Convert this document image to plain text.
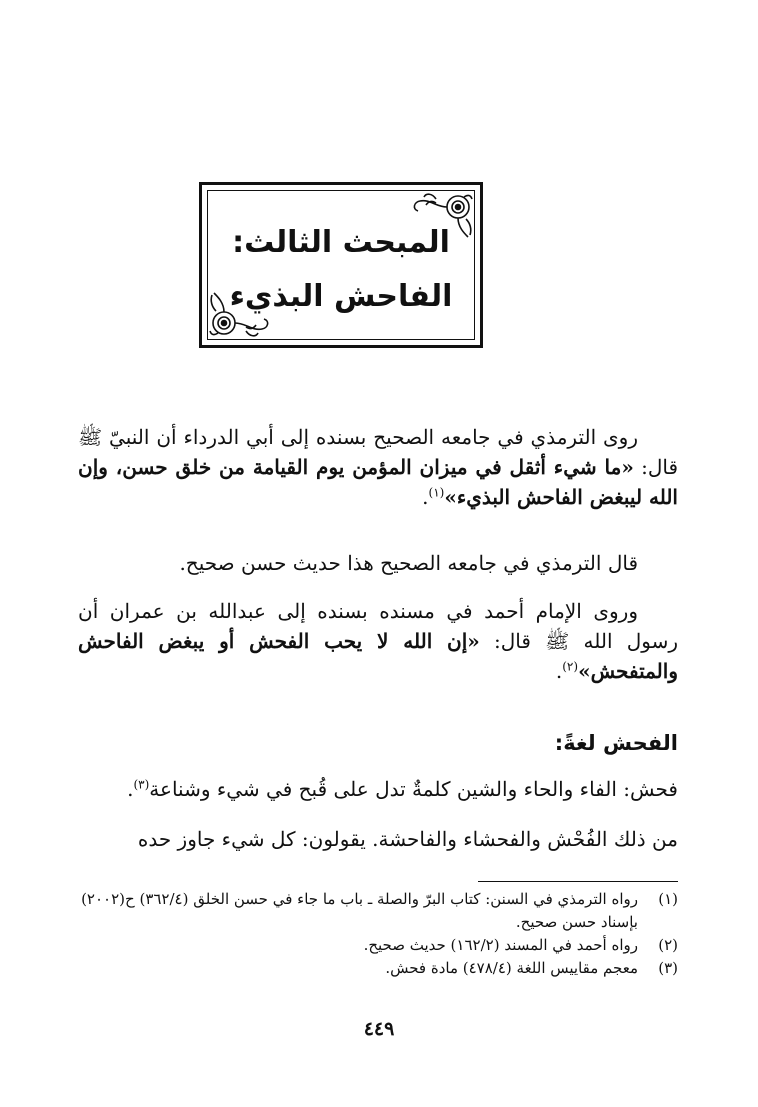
المبحث الثالث:
الفاحش البذيء

روى الترمذي في جامعه الصحيح بسنده إلى أبي الدرداء أن النبيّ ﷺ قال: «ما شيء أثقل في ميزان المؤمن يوم القيامة من خلق حسن، وإن الله ليبغض الفاحش البذيء»$^{(١)}$.

قال الترمذي في جامعه الصحيح هذا حديث حسن صحيح.

وروى الإمام أحمد في مسنده بسنده إلى عبدالله بن عمران أن رسول الله ﷺ قال: «إن الله لا يحب الفحش أو يبغض الفاحش والمتفحش»$^{(٢)}$.

الفحش لغةً:

فحش: الفاء والحاء والشين كلمةٌ تدل على قُبح في شيء وشناعة$^{(٣)}$.

من ذلك الفُحْش والفحشاء والفاحشة. يقولون: كل شيء جاوز حده

(١)
رواه الترمذي في السنن: كتاب البرّ والصلة ـ باب ما جاء في حسن الخلق (٣٦٢/٤) ح(٢٠٠٢) بإسناد حسن صحيح.
(٢)
رواه أحمد في المسند (١٦٢/٢) حديث صحيح.
(٣)
معجم مقاييس اللغة (٤٧٨/٤) مادة فحش.
٤٤٩
